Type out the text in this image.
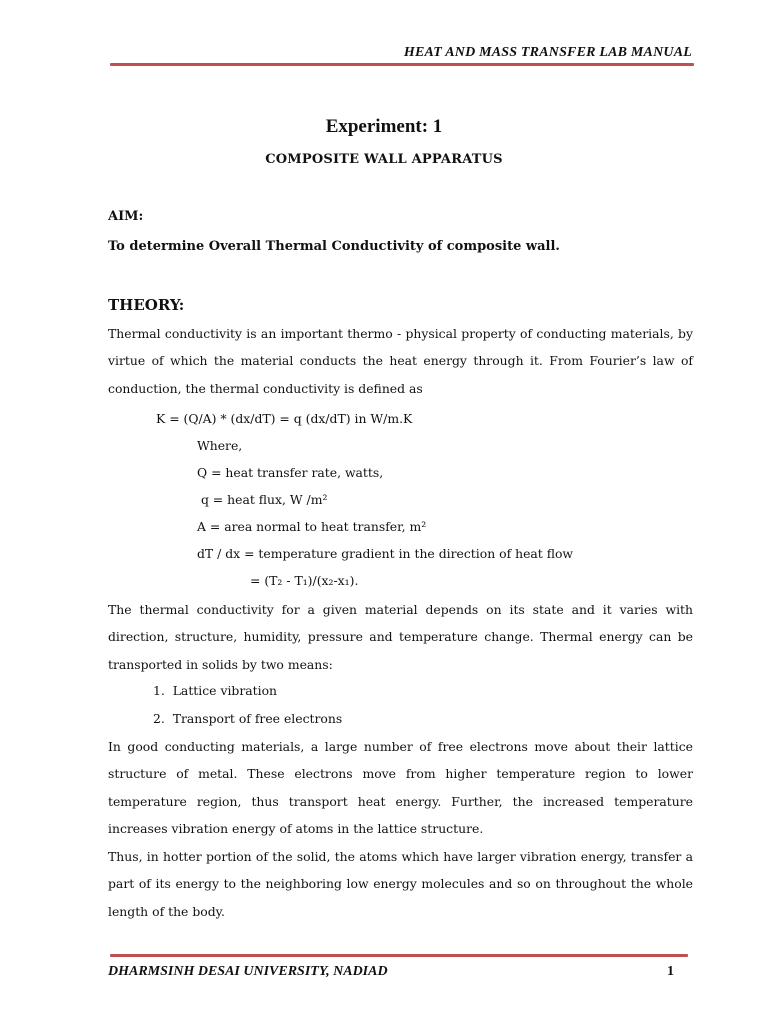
HEAT AND MASS TRANSFER LAB MANUAL
Experiment: 1
COMPOSITE WALL APPARATUS
AIM:
To determine Overall Thermal Conductivity of composite wall.
THEORY:
Thermal conductivity is an important thermo - physical property of conducting materials, by virtue of which the material conducts the heat energy through it. From Fourier’s law of conduction, the thermal conductivity is defined as
K = (Q/A) * (dx/dT) = q (dx/dT) in W/m.K
Where,
Q = heat transfer rate, watts,
q = heat flux, W /m²
A = area normal to heat transfer, m²
dT / dx = temperature gradient in the direction of heat flow
= (T₂ - T₁)/(x₂-x₁).
The thermal conductivity for a given material depends on its state and it varies with direction, structure, humidity, pressure and temperature change. Thermal energy can be transported in solids by two means:
1.  Lattice vibration
2.  Transport of free electrons
In good conducting materials, a large number of free electrons move about their lattice structure of metal. These electrons move from higher temperature region to lower temperature region, thus transport heat energy. Further, the increased temperature increases vibration energy of atoms in the lattice structure.
Thus, in hotter portion of the solid, the atoms which have larger vibration energy, transfer a part of its energy to the neighboring low energy molecules and so on throughout the whole length of the body.
DHARMSINH DESAI UNIVERSITY, NADIAD	1
